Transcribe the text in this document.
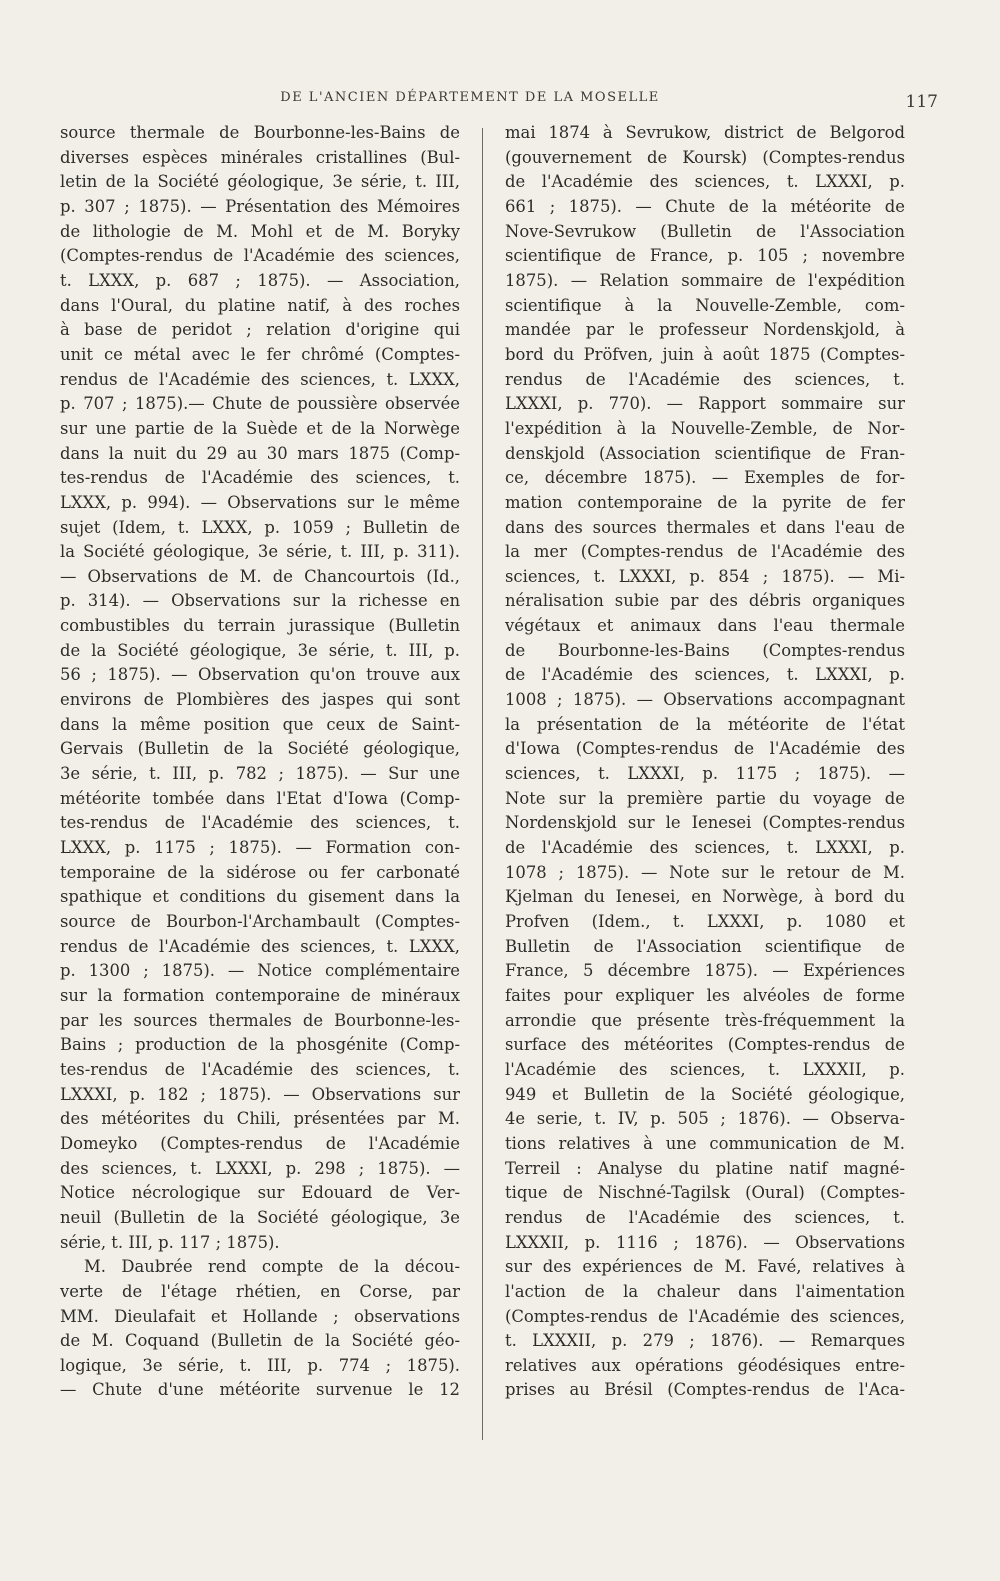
DE L'ANCIEN DÉPARTEMENT DE LA MOSELLE	117
source thermale de Bourbonne-les-Bains de
diverses espèces minérales cristallines (Bul-
letin de la Société géologique, 3e série, t. III,
p. 307 ; 1875). — Présentation des Mémoires
de lithologie de M. Mohl et de M. Boryky
(Comptes-rendus de l'Académie des sciences,
t. LXXX, p. 687 ; 1875). — Association,
dans l'Oural, du platine natif, à des roches
à base de peridot ; relation d'origine qui
unit ce métal avec le fer chrômé (Comptes-
rendus de l'Académie des sciences, t. LXXX,
p. 707 ; 1875).— Chute de poussière observée
sur une partie de la Suède et de la Norwège
dans la nuit du 29 au 30 mars 1875 (Comp-
tes-rendus de l'Académie des sciences, t.
LXXX, p. 994). — Observations sur le même
sujet (Idem, t. LXXX, p. 1059 ; Bulletin de
la Société géologique, 3e série, t. III, p. 311).
— Observations de M. de Chancourtois (Id.,
p. 314). — Observations sur la richesse en
combustibles du terrain jurassique (Bulletin
de la Société géologique, 3e série, t. III, p.
56 ; 1875). — Observation qu'on trouve aux
environs de Plombières des jaspes qui sont
dans la même position que ceux de Saint-
Gervais (Bulletin de la Société géologique,
3e série, t. III, p. 782 ; 1875). — Sur une
météorite tombée dans l'Etat d'Iowa (Comp-
tes-rendus de l'Académie des sciences, t.
LXXX, p. 1175 ; 1875). — Formation con-
temporaine de la sidérose ou fer carbonaté
spathique et conditions du gisement dans la
source de Bourbon-l'Archambault (Comptes-
rendus de l'Académie des sciences, t. LXXX,
p. 1300 ; 1875). — Notice complémentaire
sur la formation contemporaine de minéraux
par les sources thermales de Bourbonne-les-
Bains ; production de la phosgénite (Comp-
tes-rendus de l'Académie des sciences, t.
LXXXI, p. 182 ; 1875). — Observations sur
des météorites du Chili, présentées par M.
Domeyko (Comptes-rendus de l'Académie
des sciences, t. LXXXI, p. 298 ; 1875). —
Notice nécrologique sur Edouard de Ver-
neuil (Bulletin de la Société géologique, 3e
série, t. III, p. 117 ; 1875).
M. Daubrée rend compte de la décou-
verte de l'étage rhétien, en Corse, par
MM. Dieulafait et Hollande ; observations
de M. Coquand (Bulletin de la Société géo-
logique, 3e série, t. III, p. 774 ; 1875).
— Chute d'une météorite survenue le 12
mai 1874 à Sevrukow, district de Belgorod
(gouvernement de Koursk) (Comptes-rendus
de l'Académie des sciences, t. LXXXI, p.
661 ; 1875). — Chute de la météorite de
Nove-Sevrukow (Bulletin de l'Association
scientifique de France, p. 105 ; novembre
1875). — Relation sommaire de l'expédition
scientifique à la Nouvelle-Zemble, com-
mandée par le professeur Nordenskjold, à
bord du Pröfven, juin à août 1875 (Comptes-
rendus de l'Académie des sciences, t.
LXXXI, p. 770). — Rapport sommaire sur
l'expédition à la Nouvelle-Zemble, de Nor-
denskjold (Association scientifique de Fran-
ce, décembre 1875). — Exemples de for-
mation contemporaine de la pyrite de fer
dans des sources thermales et dans l'eau de
la mer (Comptes-rendus de l'Académie des
sciences, t. LXXXI, p. 854 ; 1875). — Mi-
néralisation subie par des débris organiques
végétaux et animaux dans l'eau thermale
de Bourbonne-les-Bains (Comptes-rendus
de l'Académie des sciences, t. LXXXI, p.
1008 ; 1875). — Observations accompagnant
la présentation de la météorite de l'état
d'Iowa (Comptes-rendus de l'Académie des
sciences, t. LXXXI, p. 1175 ; 1875). —
Note sur la première partie du voyage de
Nordenskjold sur le Ienesei (Comptes-rendus
de l'Académie des sciences, t. LXXXI, p.
1078 ; 1875). — Note sur le retour de M.
Kjelman du Ienesei, en Norwège, à bord du
Profven (Idem., t. LXXXI, p. 1080 et
Bulletin de l'Association scientifique de
France, 5 décembre 1875). — Expériences
faites pour expliquer les alvéoles de forme
arrondie que présente très-fréquemment la
surface des météorites (Comptes-rendus de
l'Académie des sciences, t. LXXXII, p.
949 et Bulletin de la Société géologique,
4e serie, t. IV, p. 505 ; 1876). — Observa-
tions relatives à une communication de M.
Terreil : Analyse du platine natif magné-
tique de Nischné-Tagilsk (Oural) (Comptes-
rendus de l'Académie des sciences, t.
LXXXII, p. 1116 ; 1876). — Observations
sur des expériences de M. Favé, relatives à
l'action de la chaleur dans l'aimentation
(Comptes-rendus de l'Académie des sciences,
t. LXXXII, p. 279 ; 1876). — Remarques
relatives aux opérations géodésiques entre-
prises au Brésil (Comptes-rendus de l'Aca-
